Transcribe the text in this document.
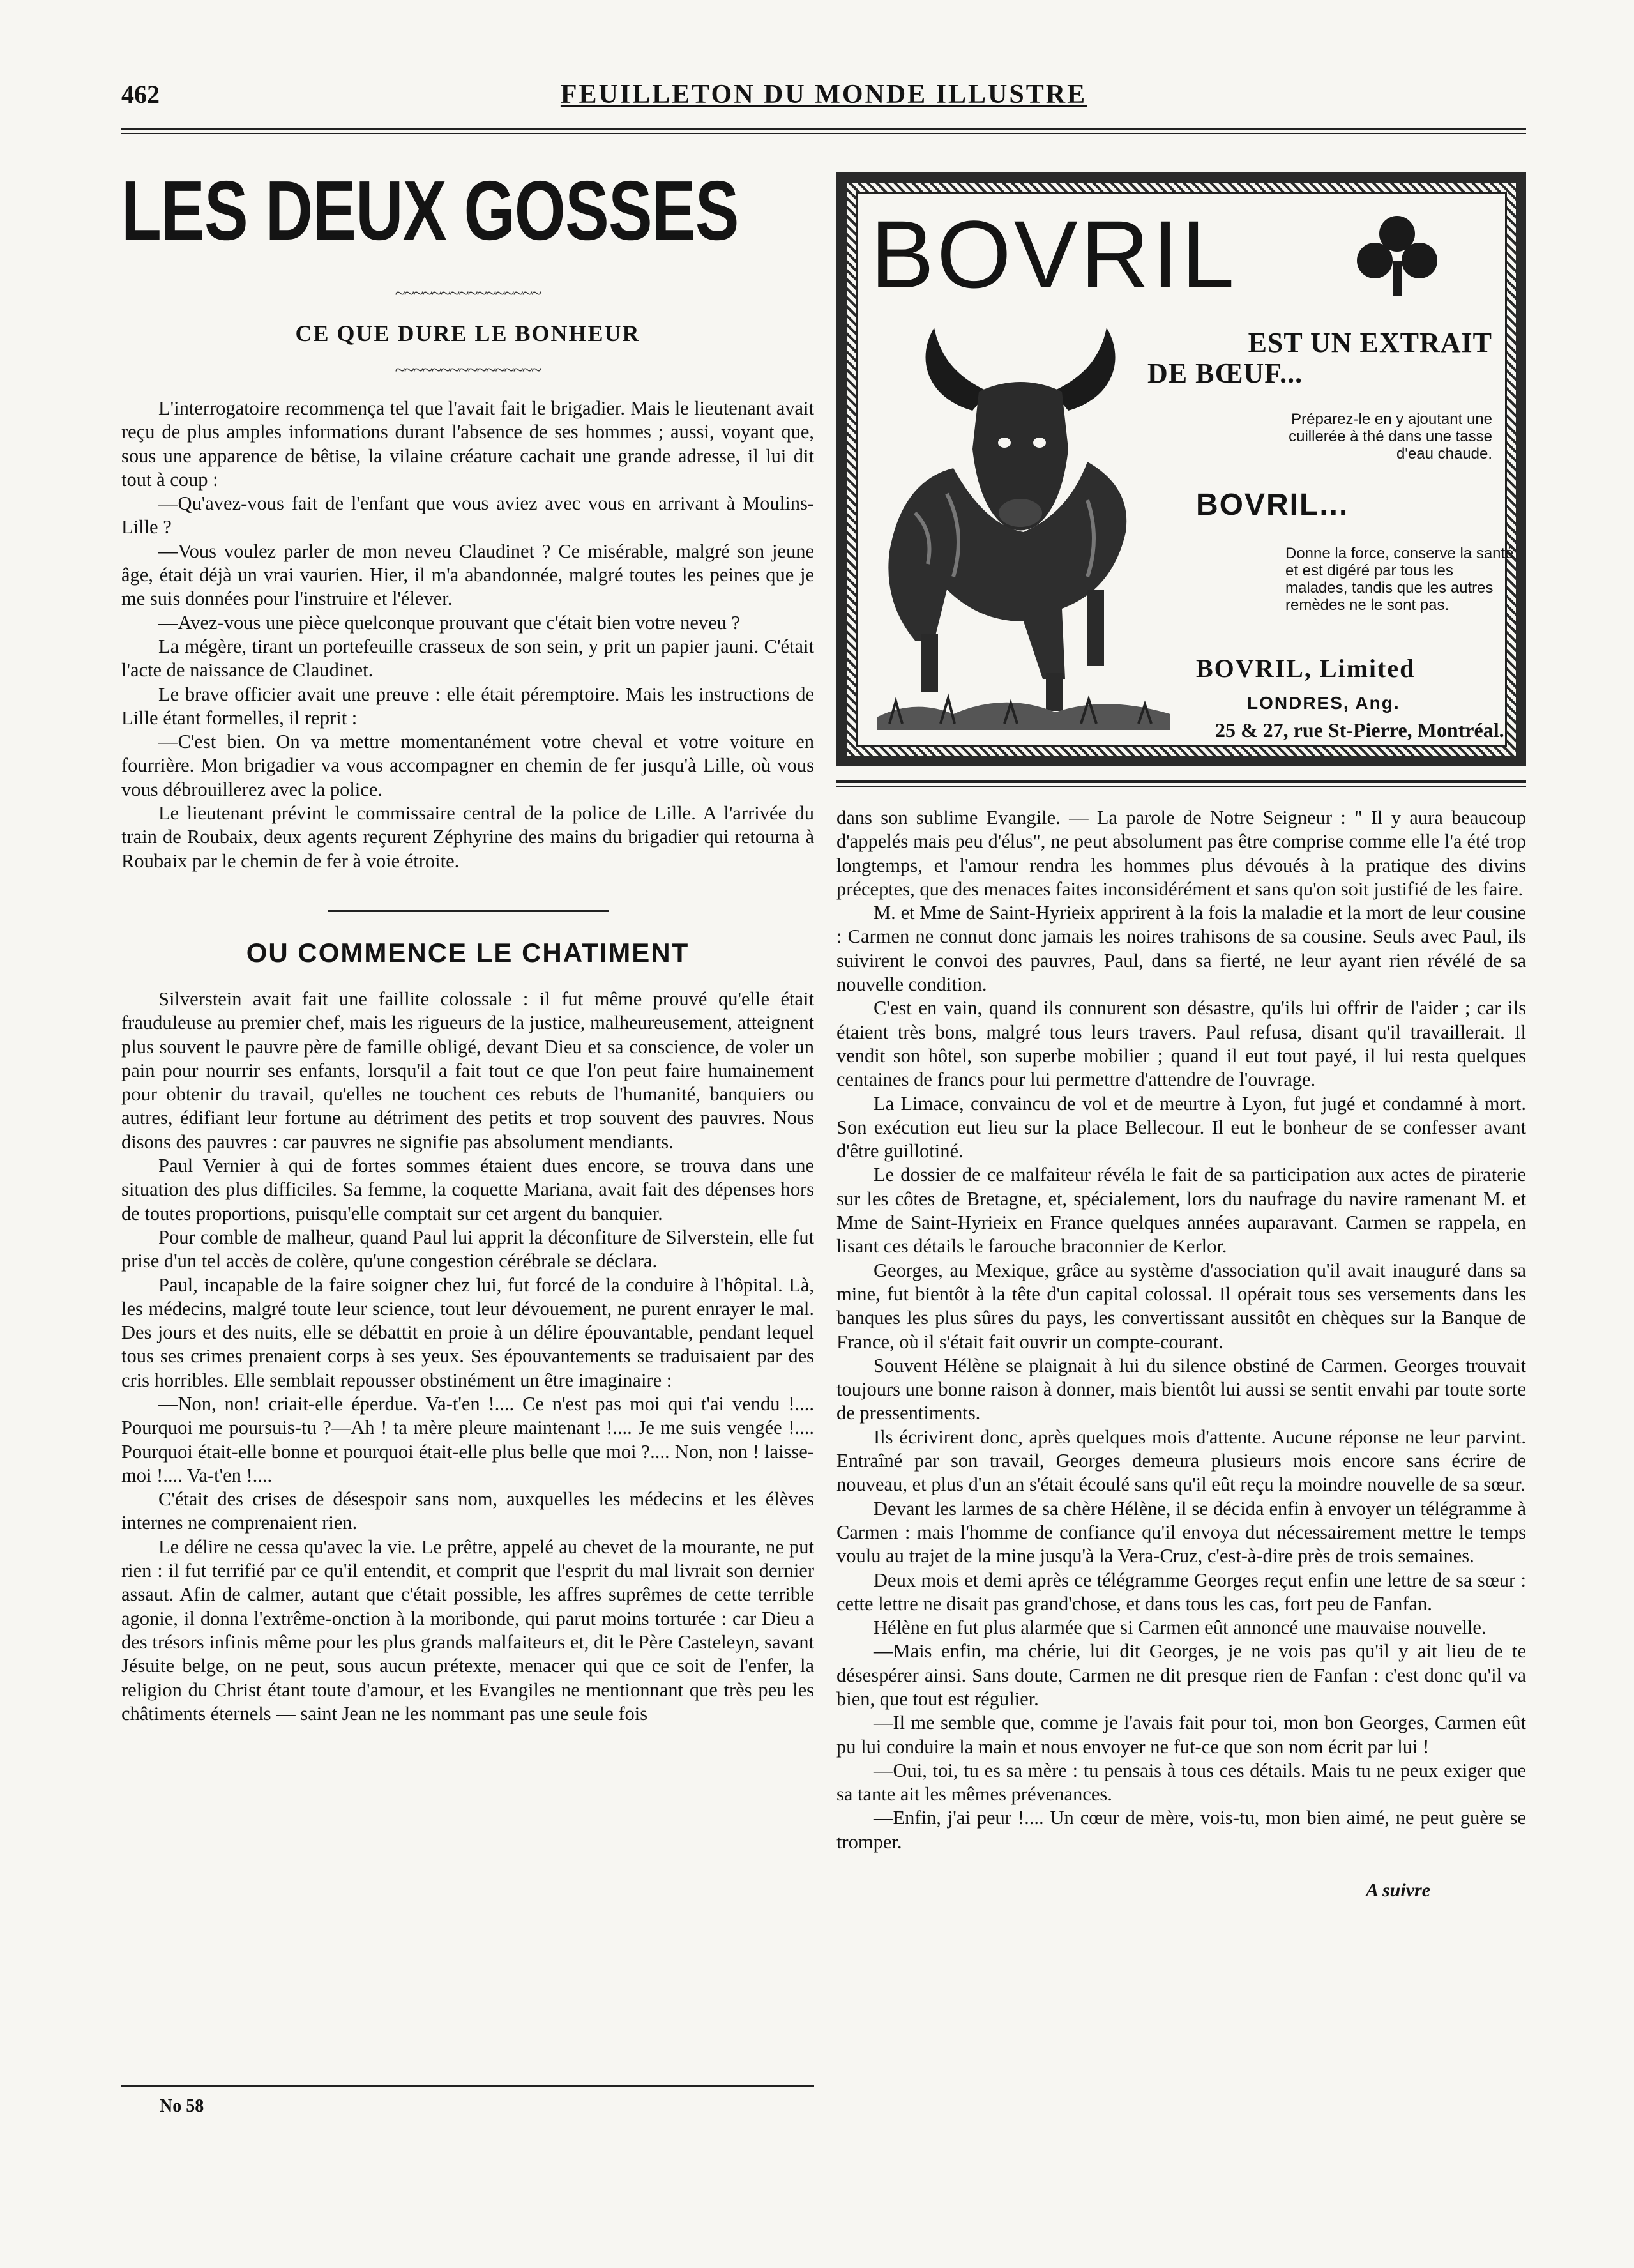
462	FEUILLETON DU MONDE ILLUSTRE
LES DEUX GOSSES
~~~~~~~~~~~~~~~~
CE QUE DURE LE BONHEUR
~~~~~~~~~~~~~~~~

L'interrogatoire recommença tel que l'avait fait le brigadier. Mais le lieutenant avait reçu de plus amples informations durant l'absence de ses hommes ; aussi, voyant que, sous une apparence de bêtise, la vilaine créature cachait une grande adresse, il lui dit tout à coup :

—Qu'avez-vous fait de l'enfant que vous aviez avec vous en arrivant à Moulins-Lille ?

—Vous voulez parler de mon neveu Claudinet ? Ce misérable, malgré son jeune âge, était déjà un vrai vaurien. Hier, il m'a abandonnée, malgré toutes les peines que je me suis données pour l'instruire et l'élever.

—Avez-vous une pièce quelconque prouvant que c'était bien votre neveu ?

La mégère, tirant un portefeuille crasseux de son sein, y prit un papier jauni. C'était l'acte de naissance de Claudinet.

Le brave officier avait une preuve : elle était péremptoire. Mais les instructions de Lille étant formelles, il reprit :

—C'est bien. On va mettre momentanément votre cheval et votre voiture en fourrière. Mon brigadier va vous accompagner en chemin de fer jusqu'à Lille, où vous vous débrouillerez avec la police.

Le lieutenant prévint le commissaire central de la police de Lille. A l'arrivée du train de Roubaix, deux agents reçurent Zéphyrine des mains du brigadier qui retourna à Roubaix par le chemin de fer à voie étroite.

OU COMMENCE LE CHATIMENT

Silverstein avait fait une faillite colossale : il fut même prouvé qu'elle était frauduleuse au premier chef, mais les rigueurs de la justice, malheureusement, atteignent plus souvent le pauvre père de famille obligé, devant Dieu et sa conscience, de voler un pain pour nourrir ses enfants, lorsqu'il a fait tout ce que l'on peut faire humainement pour obtenir du travail, qu'elles ne touchent ces rebuts de l'humanité, banquiers ou autres, édifiant leur fortune au détriment des petits et trop souvent des pauvres. Nous disons des pauvres : car pauvres ne signifie pas absolument mendiants.

Paul Vernier à qui de fortes sommes étaient dues encore, se trouva dans une situation des plus difficiles. Sa femme, la coquette Mariana, avait fait des dépenses hors de toutes proportions, puisqu'elle comptait sur cet argent du banquier.

Pour comble de malheur, quand Paul lui apprit la déconfiture de Silverstein, elle fut prise d'un tel accès de colère, qu'une congestion cérébrale se déclara.

Paul, incapable de la faire soigner chez lui, fut forcé de la conduire à l'hôpital. Là, les médecins, malgré toute leur science, tout leur dévouement, ne purent enrayer le mal. Des jours et des nuits, elle se débattit en proie à un délire épouvantable, pendant lequel tous ses crimes prenaient corps à ses yeux. Ses épouvantements se traduisaient par des cris horribles. Elle semblait repousser obstinément un être imaginaire :

—Non, non! criait-elle éperdue. Va-t'en !.... Ce n'est pas moi qui t'ai vendu !.... Pourquoi me poursuis-tu ?—Ah ! ta mère pleure maintenant !.... Je me suis vengée !.... Pourquoi était-elle bonne et pourquoi était-elle plus belle que moi ?.... Non, non ! laisse-moi !.... Va-t'en !....

C'était des crises de désespoir sans nom, auxquelles les médecins et les élèves internes ne comprenaient rien.

Le délire ne cessa qu'avec la vie. Le prêtre, appelé au chevet de la mourante, ne put rien : il fut terrifié par ce qu'il entendit, et comprit que l'esprit du mal livrait son dernier assaut. Afin de calmer, autant que c'était possible, les affres suprêmes de cette terrible agonie, il donna l'extrême-onction à la moribonde, qui parut moins torturée : car Dieu a des trésors infinis même pour les plus grands malfaiteurs et, dit le Père Casteleyn, savant Jésuite belge, on ne peut, sous aucun prétexte, menacer qui que ce soit de l'enfer, la religion du Christ étant toute d'amour, et les Evangiles ne mentionnant que très peu les châtiments éternels — saint Jean ne les nommant pas une seule fois

No 58
BOVRIL
EST UN EXTRAIT
DE BŒUF...
Préparez-le en y ajoutant une cuillerée à thé dans une tasse d'eau chaude.
BOVRIL...
Donne la force, conserve la santé et est digéré par tous les malades, tandis que les autres remèdes ne le sont pas.
BOVRIL, Limited
LONDRES, Ang.
25 & 27, rue St-Pierre, Montréal.

dans son sublime Evangile. — La parole de Notre Seigneur : " Il y aura beaucoup d'appelés mais peu d'élus", ne peut absolument pas être comprise comme elle l'a été trop longtemps, et l'amour rendra les hommes plus dévoués à la pratique des divins préceptes, que des menaces faites inconsidérément et sans qu'on soit justifié de les faire.

M. et Mme de Saint-Hyrieix apprirent à la fois la maladie et la mort de leur cousine : Carmen ne connut donc jamais les noires trahisons de sa cousine. Seuls avec Paul, ils suivirent le convoi des pauvres, Paul, dans sa fierté, ne leur ayant rien révélé de sa nouvelle condition.

C'est en vain, quand ils connurent son désastre, qu'ils lui offrir de l'aider ; car ils étaient très bons, malgré tous leurs travers. Paul refusa, disant qu'il travaillerait. Il vendit son hôtel, son superbe mobilier ; quand il eut tout payé, il lui resta quelques centaines de francs pour lui permettre d'attendre de l'ouvrage.

La Limace, convaincu de vol et de meurtre à Lyon, fut jugé et condamné à mort. Son exécution eut lieu sur la place Bellecour. Il eut le bonheur de se confesser avant d'être guillotiné.

Le dossier de ce malfaiteur révéla le fait de sa participation aux actes de piraterie sur les côtes de Bretagne, et, spécialement, lors du naufrage du navire ramenant M. et Mme de Saint-Hyrieix en France quelques années auparavant. Carmen se rappela, en lisant ces détails le farouche braconnier de Kerlor.

Georges, au Mexique, grâce au système d'association qu'il avait inauguré dans sa mine, fut bientôt à la tête d'un capital colossal. Il opérait tous ses versements dans les banques les plus sûres du pays, les convertissant aussitôt en chèques sur la Banque de France, où il s'était fait ouvrir un compte-courant.

Souvent Hélène se plaignait à lui du silence obstiné de Carmen. Georges trouvait toujours une bonne raison à donner, mais bientôt lui aussi se sentit envahi par toute sorte de pressentiments.

Ils écrivirent donc, après quelques mois d'attente. Aucune réponse ne leur parvint. Entraîné par son travail, Georges demeura plusieurs mois encore sans écrire de nouveau, et plus d'un an s'était écoulé sans qu'il eût reçu la moindre nouvelle de sa sœur.

Devant les larmes de sa chère Hélène, il se décida enfin à envoyer un télégramme à Carmen : mais l'homme de confiance qu'il envoya dut nécessairement mettre le temps voulu au trajet de la mine jusqu'à la Vera-Cruz, c'est-à-dire près de trois semaines.

Deux mois et demi après ce télégramme Georges reçut enfin une lettre de sa sœur : cette lettre ne disait pas grand'chose, et dans tous les cas, fort peu de Fanfan.

Hélène en fut plus alarmée que si Carmen eût annoncé une mauvaise nouvelle.

—Mais enfin, ma chérie, lui dit Georges, je ne vois pas qu'il y ait lieu de te désespérer ainsi. Sans doute, Carmen ne dit presque rien de Fanfan : c'est donc qu'il va bien, que tout est régulier.

—Il me semble que, comme je l'avais fait pour toi, mon bon Georges, Carmen eût pu lui conduire la main et nous envoyer ne fut-ce que son nom écrit par lui !

—Oui, toi, tu es sa mère : tu pensais à tous ces détails. Mais tu ne peux exiger que sa tante ait les mêmes prévenances.

—Enfin, j'ai peur !.... Un cœur de mère, vois-tu, mon bien aimé, ne peut guère se tromper.

A suivre
